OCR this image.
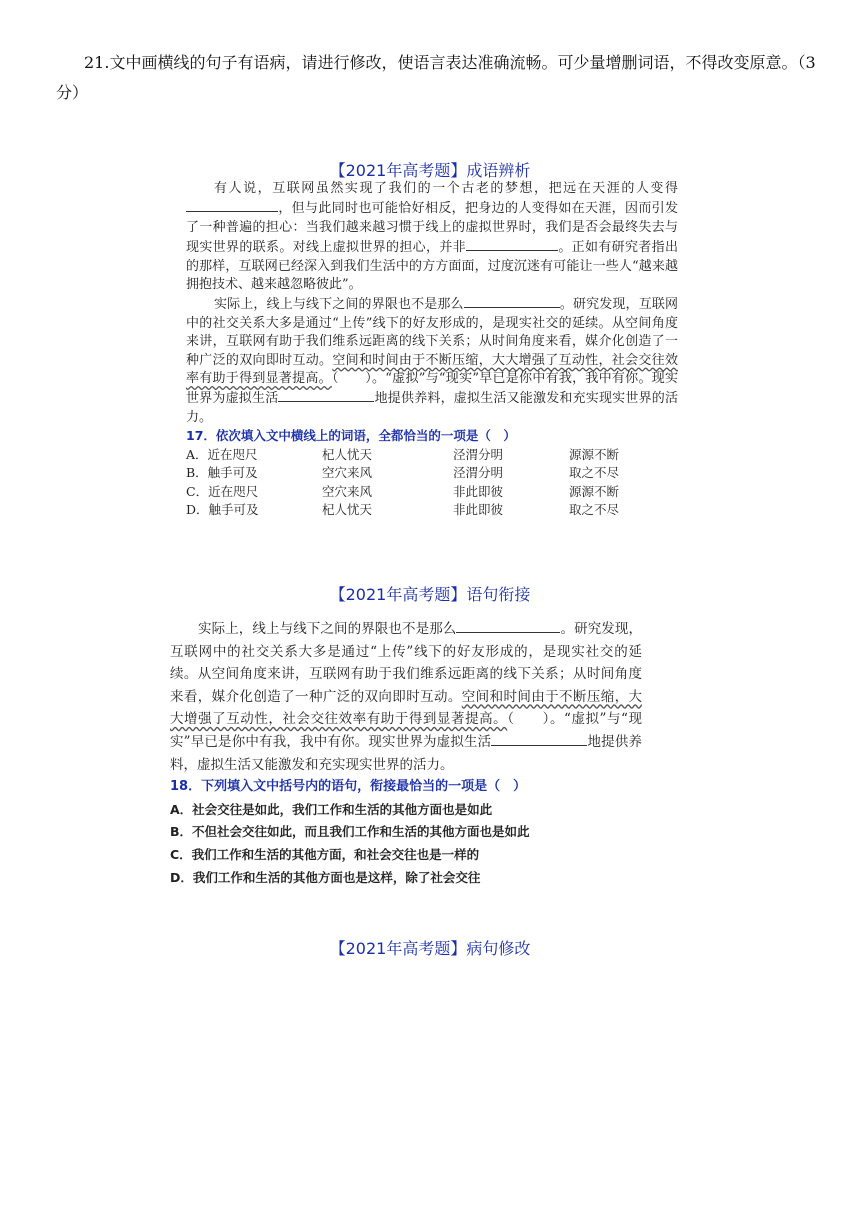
21.文中画横线的句子有语病，请进行修改，使语言表达准确流畅。可少量增删词语，不得改变原意。（3分）
【2021年高考题】成语辨析

有人说，互联网虽然实现了我们的一个古老的梦想，把远在天涯的人变得，但与此同时也可能恰好相反，把身边的人变得如在天涯，因而引发了一种普遍的担心：当我们越来越习惯于线上的虚拟世界时，我们是否会最终失去与现实世界的联系。对线上虚拟世界的担心，并非	。正如有研究者指出的那样，互联网已经深入到我们生活中的方方面面，过度沉迷有可能让一些人“越来越拥抱技术、越来越忽略彼此”。

实际上，线上与线下之间的界限也不是那么	。研究发现，互联网中的社交关系大多是通过“上传”线下的好友形成的，是现实社交的延续。从空间角度来讲，互联网有助于我们维系远距离的线下关系；从时间角度来看，媒介化创造了一种广泛的双向即时互动。空间和时间由于不断压缩，大大增强了互动性，社会交往效率有助于得到显著提高。（　　）。“虚拟”与“现实”早已是你中有我，我中有你。现实世界为虚拟生活	地提供养料，虚拟生活又能激发和充实现实世界的活力。

17．依次填入文中横线上的词语，全都恰当的一项是（　）

A．近在咫尺	杞人忧天	泾渭分明	源源不断
B．触手可及	空穴来风	泾渭分明	取之不尽
C．近在咫尺	空穴来风	非此即彼	源源不断
D．触手可及	杞人忧天	非此即彼	取之不尽
【2021年高考题】语句衔接

实际上，线上与线下之间的界限也不是那么	。研究发现，互联网中的社交关系大多是通过“上传”线下的好友形成的，是现实社交的延续。从空间角度来讲，互联网有助于我们维系远距离的线下关系；从时间角度来看，媒介化创造了一种广泛的双向即时互动。空间和时间由于不断压缩，大大增强了互动性，社会交往效率有助于得到显著提高。（　　）。“虚拟”与“现实”早已是你中有我，我中有你。现实世界为虚拟生活	地提供养料，虚拟生活又能激发和充实现实世界的活力。

18．下列填入文中括号内的语句，衔接最恰当的一项是（　）

A．社会交往是如此，我们工作和生活的其他方面也是如此
B．不但社会交往如此，而且我们工作和生活的其他方面也是如此
C．我们工作和生活的其他方面，和社会交往也是一样的
D．我们工作和生活的其他方面也是这样，除了社会交往
【2021年高考题】病句修改
